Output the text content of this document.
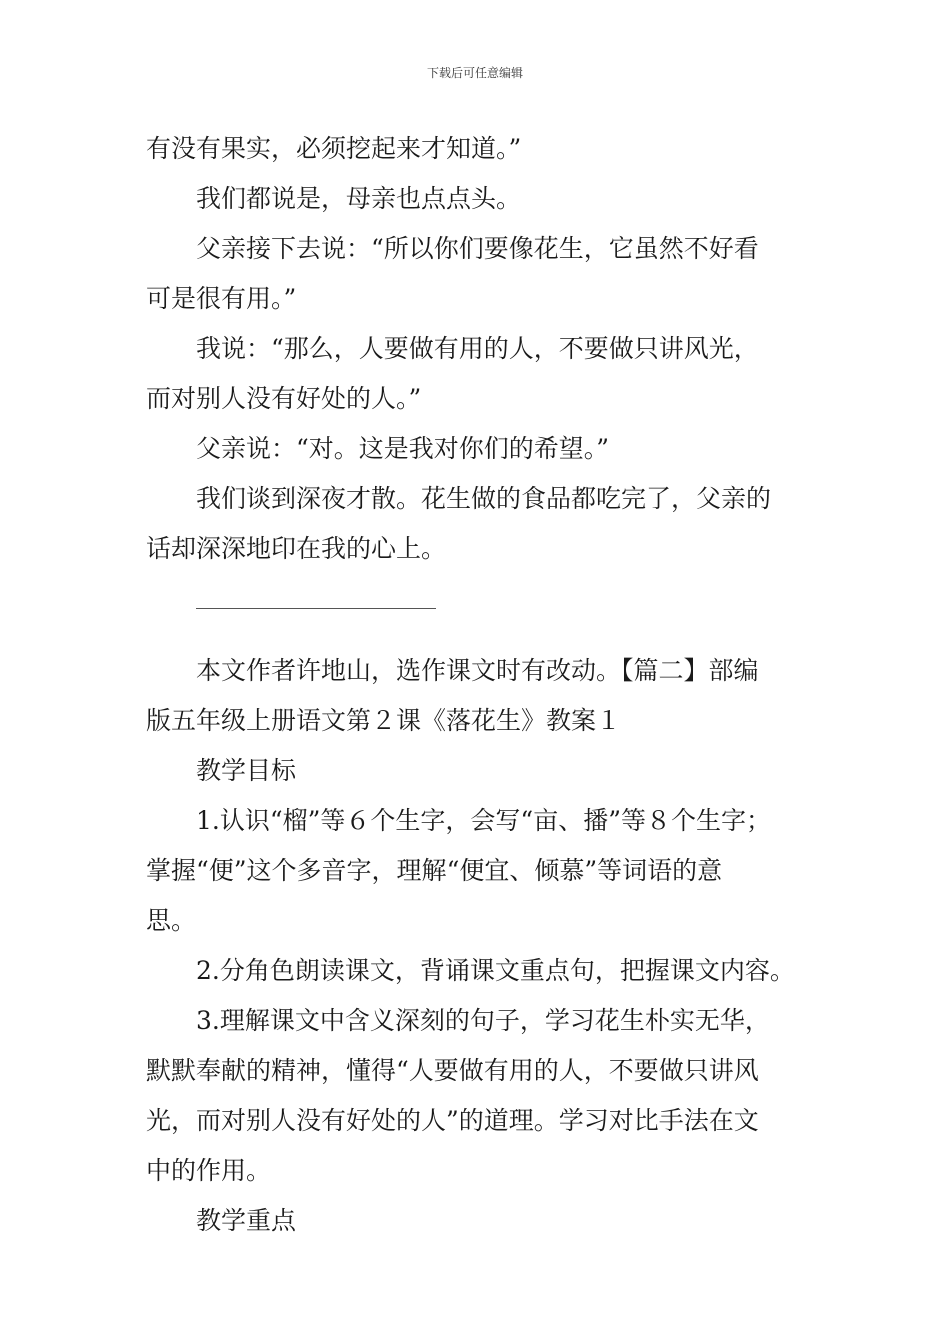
下载后可任意编辑
有没有果实，必须挖起来才知道。”
我们都说是，母亲也点点头。
父亲接下去说：“所以你们要像花生，它虽然不好看
可是很有用。”
我说：“那么，人要做有用的人，不要做只讲风光，
而对别人没有好处的人。”
父亲说：“对。这是我对你们的希望。”
我们谈到深夜才散。花生做的食品都吃完了，父亲的
话却深深地印在我的心上。
本文作者许地山，选作课文时有改动。【篇二】部编
版五年级上册语文第２课《落花生》教案１
教学目标
1.认识“榴”等６个生字，会写“亩、播”等８个生字；
掌握“便”这个多音字，理解“便宜、倾慕”等词语的意
思。
2.分角色朗读课文，背诵课文重点句，把握课文内容。
3.理解课文中含义深刻的句子，学习花生朴实无华，
默默奉献的精神，懂得“人要做有用的人，不要做只讲风
光，而对别人没有好处的人”的道理。学习对比手法在文
中的作用。
教学重点
